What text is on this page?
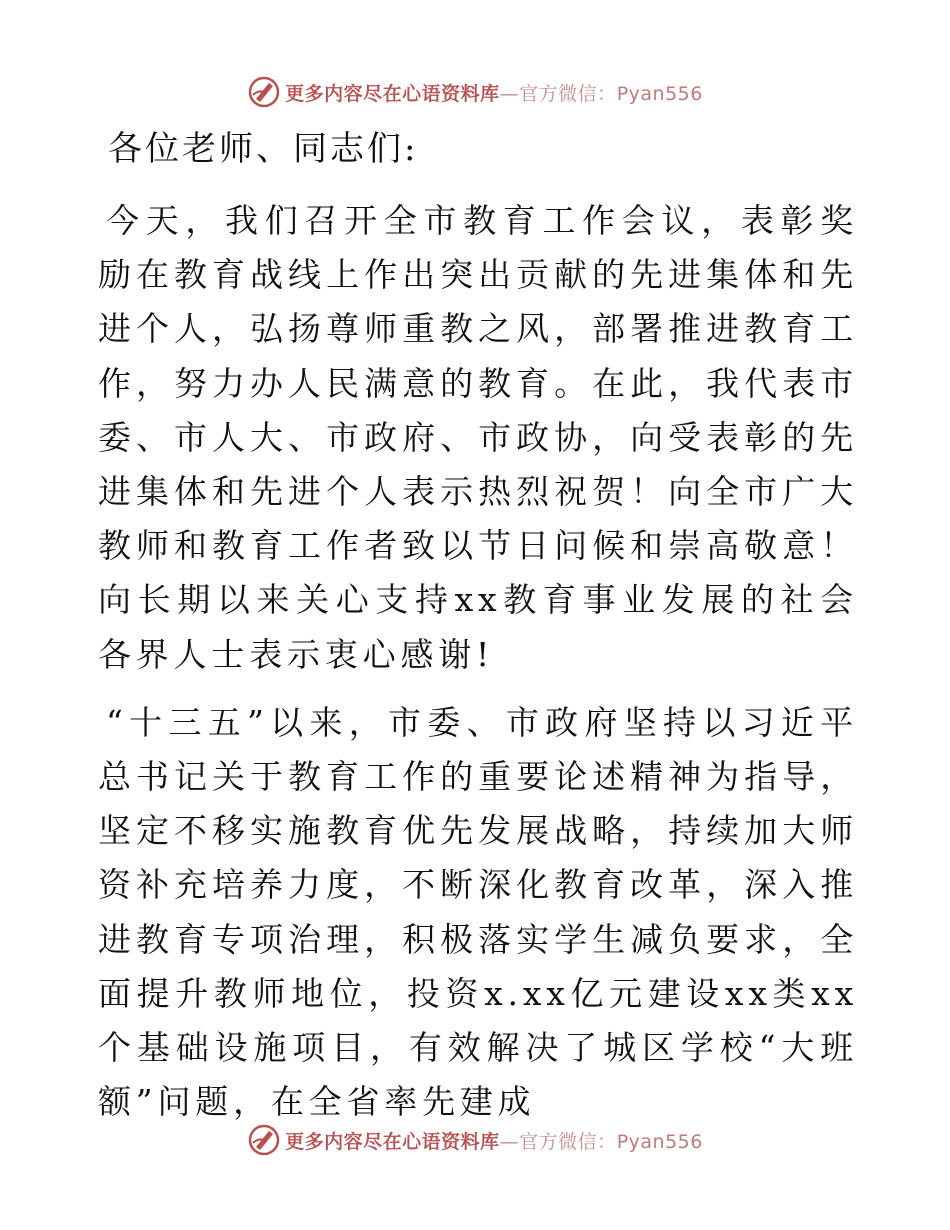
更多内容尽在心语资料库—官方微信：Pyan556

各位老师、同志们:

今天，我们召开全市教育工作会议，表彰奖励在教育战线上作出突出贡献的先进集体和先进个人，弘扬尊师重教之风，部署推进教育工作，努力办人民满意的教育。在此，我代表市委、市人大、市政府、市政协，向受表彰的先进集体和先进个人表示热烈祝贺！向全市广大教师和教育工作者致以节日问候和崇高敬意！向长期以来关心支持xx教育事业发展的社会各界人士表示衷心感谢!

“十三五”以来，市委、市政府坚持以习近平总书记关于教育工作的重要论述精神为指导，坚定不移实施教育优先发展战略，持续加大师资补充培养力度，不断深化教育改革，深入推进教育专项治理，积极落实学生减负要求，全面提升教师地位，投资x.xx亿元建设xx类xx个基础设施项目，有效解决了城区学校“大班额”问题，在全省率先建成

更多内容尽在心语资料库—官方微信：Pyan556
